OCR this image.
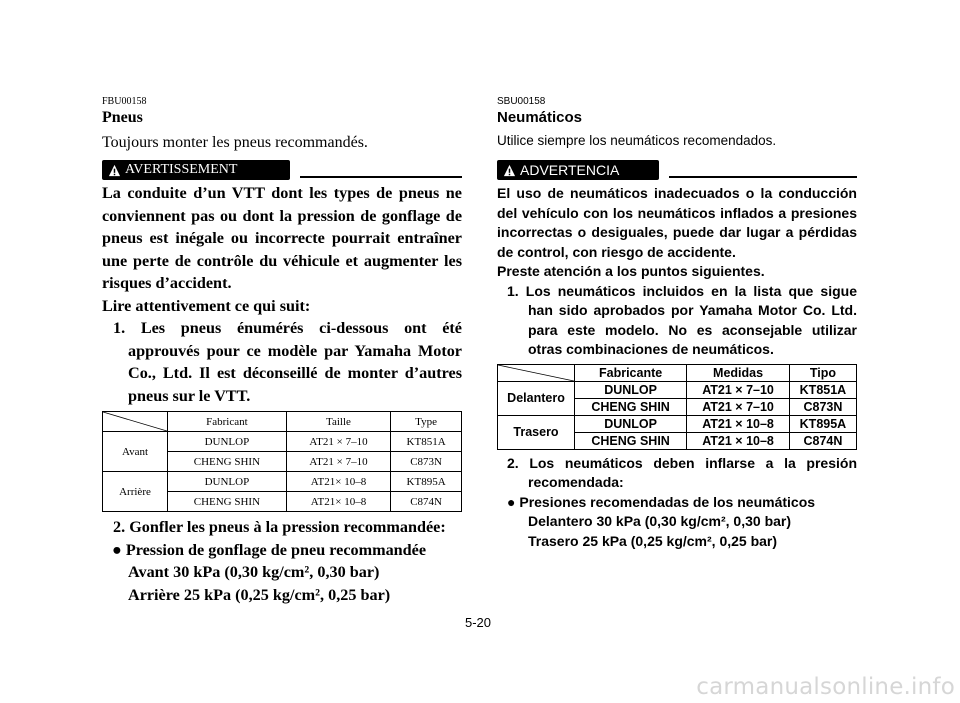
FBU00158
Pneus
Toujours monter les pneus recommandés.
AVERTISSEMENT
La conduite d’un VTT dont les types de pneus ne conviennent pas ou dont la pression de gonflage de pneus est inégale ou incorrecte pourrait entraîner une perte de contrôle du véhicule et augmenter les risques d’accident.
Lire attentivement ce qui suit:
1. Les pneus énumérés ci-dessous ont été approuvés pour ce modèle par Yamaha Motor Co., Ltd. Il est déconseillé de monter d’autres pneus sur le VTT.
	Fabricant	Taille	Type
Avant	DUNLOP	AT21 × 7–10	KT851A
	CHENG SHIN	AT21 × 7–10	C873N
Arrière	DUNLOP	AT21× 10–8	KT895A
	CHENG SHIN	AT21× 10–8	C874N
2. Gonfler les pneus à la pression recommandée:
● Pression de gonflage de pneu recommandée
Avant 30 kPa (0,30 kg/cm², 0,30 bar)
Arrière 25 kPa (0,25 kg/cm², 0,25 bar)
SBU00158
Neumáticos
Utilice siempre los neumáticos recomendados.
ADVERTENCIA
El uso de neumáticos inadecuados o la conducción del vehículo con los neumáticos inflados a presiones incorrectas o desiguales, puede dar lugar a pérdidas de control, con riesgo de accidente.
Preste atención a los puntos siguientes.
1. Los neumáticos incluidos en la lista que sigue han sido aprobados por Yamaha Motor Co. Ltd. para este modelo. No es aconsejable utilizar otras combinaciones de neumáticos.
	Fabricante	Medidas	Tipo
Delantero	DUNLOP	AT21 × 7–10	KT851A
	CHENG SHIN	AT21 × 7–10	C873N
Trasero	DUNLOP	AT21 × 10–8	KT895A
	CHENG SHIN	AT21 × 10–8	C874N
2. Los neumáticos deben inflarse a la presión recomendada:
● Presiones recomendadas de los neumáticos
Delantero 30 kPa (0,30 kg/cm², 0,30 bar)
Trasero 25 kPa (0,25 kg/cm², 0,25 bar)
5-20
carmanualsonline.info
